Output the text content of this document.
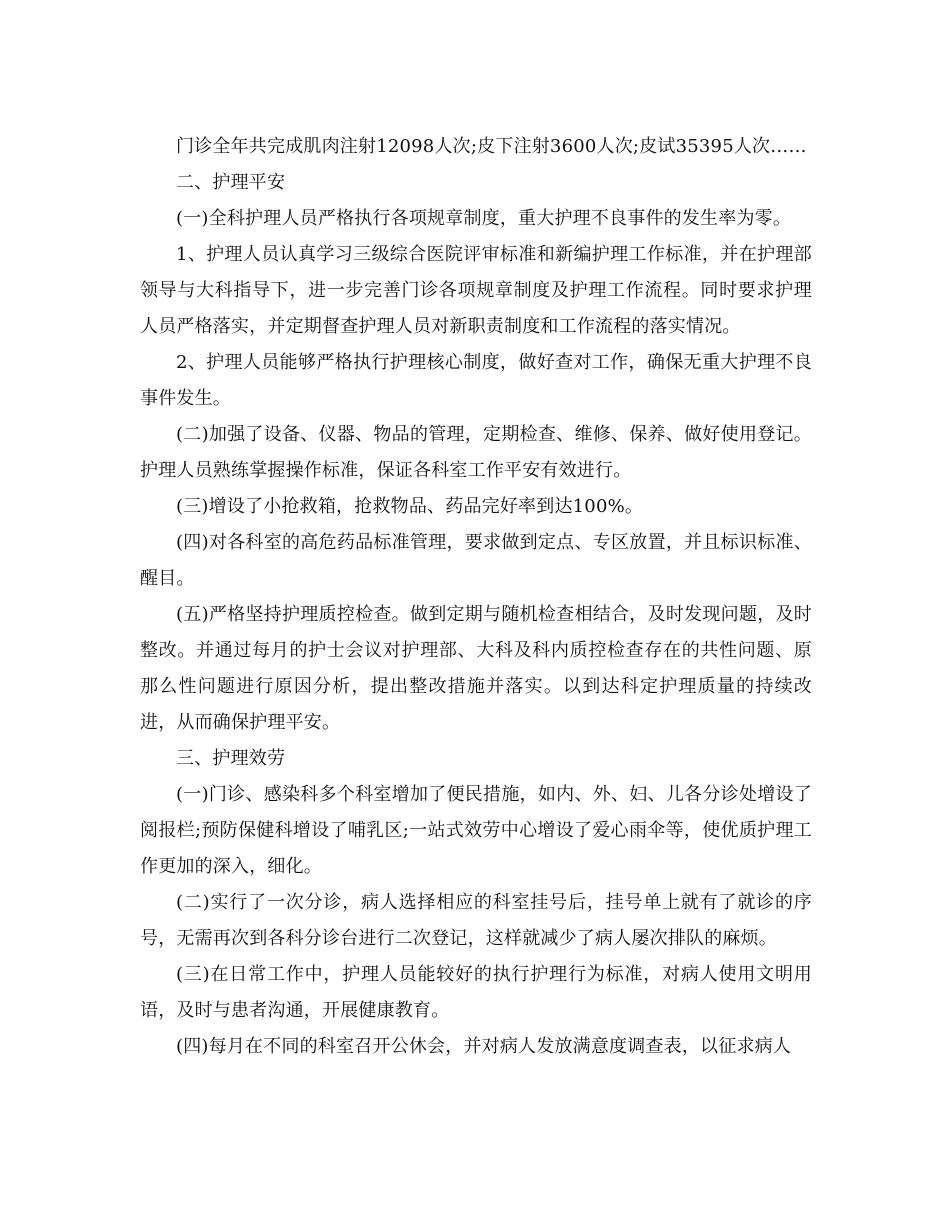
门诊全年共完成肌肉注射12098人次;皮下注射3600人次;皮试35395人次……

二、护理平安

(一)全科护理人员严格执行各项规章制度，重大护理不良事件的发生率为零。

1、护理人员认真学习三级综合医院评审标准和新编护理工作标准，并在护理部领导与大科指导下，进一步完善门诊各项规章制度及护理工作流程。同时要求护理人员严格落实，并定期督查护理人员对新职责制度和工作流程的落实情况。

2、护理人员能够严格执行护理核心制度，做好查对工作，确保无重大护理不良事件发生。

(二)加强了设备、仪器、物品的管理，定期检查、维修、保养、做好使用登记。护理人员熟练掌握操作标准，保证各科室工作平安有效进行。

(三)增设了小抢救箱，抢救物品、药品完好率到达100%。

(四)对各科室的高危药品标准管理，要求做到定点、专区放置，并且标识标准、醒目。

(五)严格坚持护理质控检查。做到定期与随机检查相结合，及时发现问题，及时整改。并通过每月的护士会议对护理部、大科及科内质控检查存在的共性问题、原那么性问题进行原因分析，提出整改措施并落实。以到达科定护理质量的持续改进，从而确保护理平安。

三、护理效劳

(一)门诊、感染科多个科室增加了便民措施，如内、外、妇、儿各分诊处增设了阅报栏;预防保健科增设了哺乳区;一站式效劳中心增设了爱心雨伞等，使优质护理工作更加的深入，细化。

(二)实行了一次分诊，病人选择相应的科室挂号后，挂号单上就有了就诊的序号，无需再次到各科分诊台进行二次登记，这样就减少了病人屡次排队的麻烦。

(三)在日常工作中，护理人员能较好的执行护理行为标准，对病人使用文明用语，及时与患者沟通，开展健康教育。

(四)每月在不同的科室召开公休会，并对病人发放满意度调查表，以征求病人
